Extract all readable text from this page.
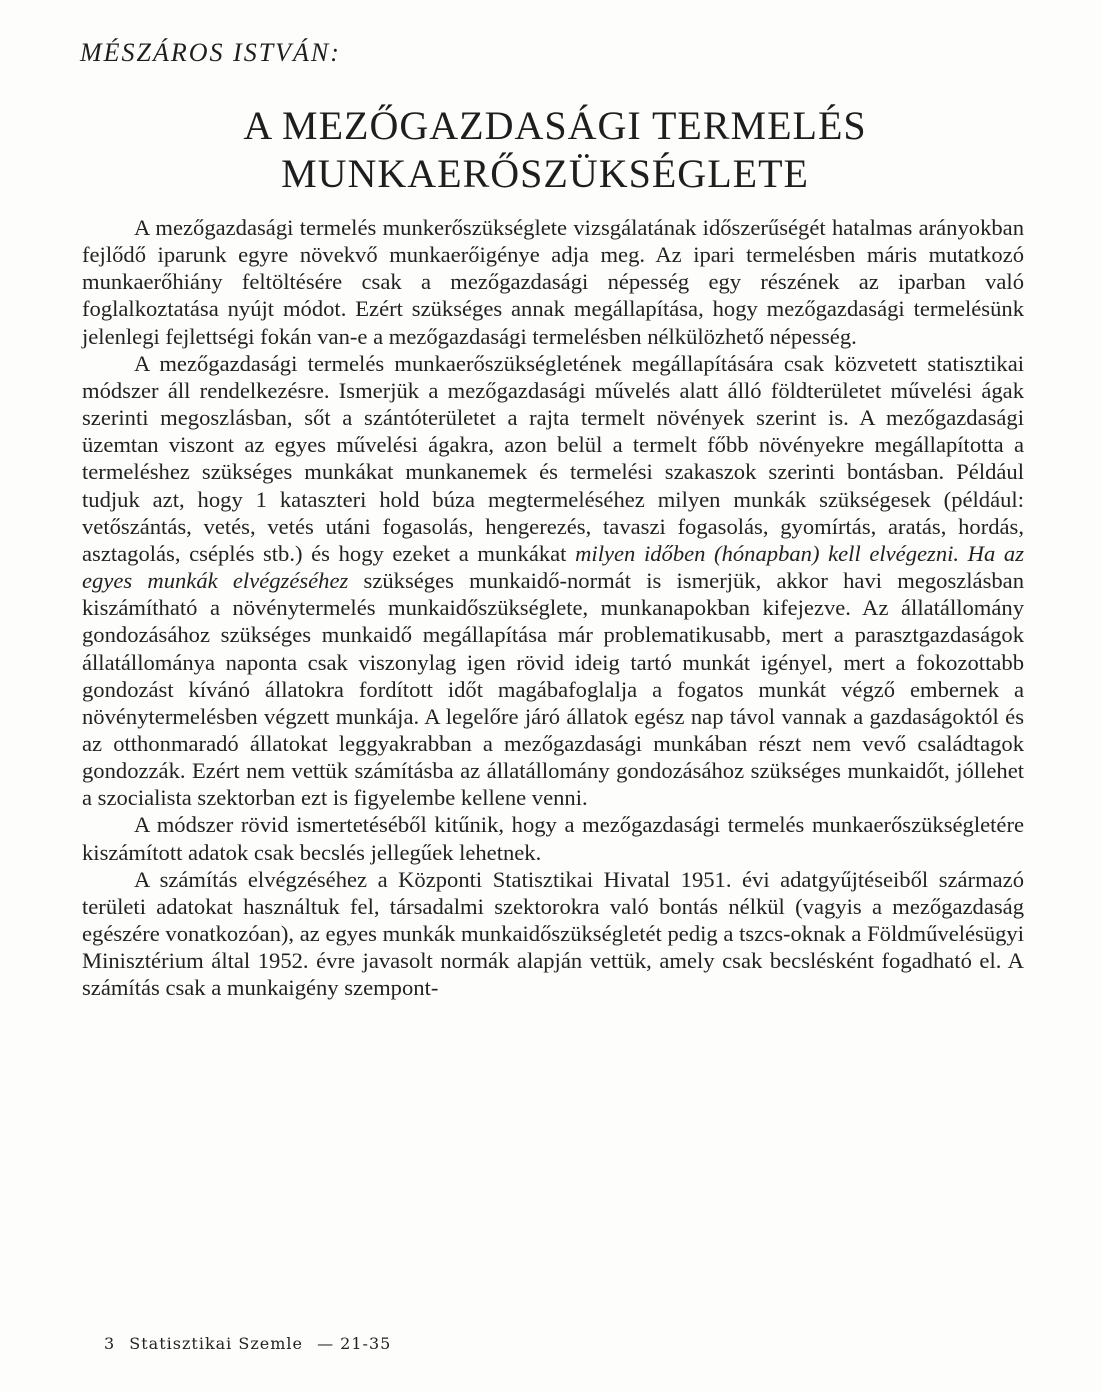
MÉSZÁROS ISTVÁN:
A MEZŐGAZDASÁGI TERMELÉS
MUNKAERŐSZÜKSÉGLETE

A mezőgazdasági termelés munkerőszükséglete vizsgálatának időszerűségét hatalmas arányokban fejlődő iparunk egyre növekvő munkaerőigénye adja meg. Az ipari termelésben máris mutatkozó munkaerőhiány feltöltésére csak a mezőgazdasági népesség egy részének az iparban való foglalkoztatása nyújt módot. Ezért szükséges annak megállapítása, hogy mezőgazdasági termelésünk jelenlegi fejlettségi fokán van-e a mezőgazdasági termelésben nélkülözhető népesség.

A mezőgazdasági termelés munkaerőszükségletének megállapítására csak közvetett statisztikai módszer áll rendelkezésre. Ismerjük a mezőgazdasági művelés alatt álló földterületet művelési ágak szerinti megoszlásban, sőt a szántóterületet a rajta termelt növények szerint is. A mezőgazdasági üzemtan viszont az egyes művelési ágakra, azon belül a termelt főbb növényekre megállapította a termeléshez szükséges munkákat munkanemek és termelési szakaszok szerinti bontásban. Például tudjuk azt, hogy 1 kataszteri hold búza megtermeléséhez milyen munkák szükségesek (például: vetőszántás, vetés, vetés utáni fogasolás, hengerezés, tavaszi fogasolás, gyomírtás, aratás, hordás, asztagolás, cséplés stb.) és hogy ezeket a munkákat milyen időben (hónapban) kell elvégezni. Ha az egyes munkák elvégzéséhez szükséges munkaidő-normát is ismerjük, akkor havi megoszlásban kiszámítható a növénytermelés munkaidőszükséglete, munkanapokban kifejezve. Az állatállomány gondozásához szükséges munkaidő megállapítása már problematikusabb, mert a parasztgazdaságok állatállománya naponta csak viszonylag igen rövid ideig tartó munkát igényel, mert a fokozottabb gondozást kívánó állatokra fordított időt magábafoglalja a fogatos munkát végző embernek a növénytermelésben végzett munkája. A legelőre járó állatok egész nap távol vannak a gazdaságoktól és az otthonmaradó állatokat leggyakrabban a mezőgazdasági munkában részt nem vevő családtagok gondozzák. Ezért nem vettük számításba az állatállomány gondozásához szükséges munkaidőt, jóllehet a szocialista szektorban ezt is figyelembe kellene venni.

A módszer rövid ismertetéséből kitűnik, hogy a mezőgazdasági termelés munkaerőszükségletére kiszámított adatok csak becslés jellegűek lehetnek.

A számítás elvégzéséhez a Központi Statisztikai Hivatal 1951. évi adatgyűjtéseiből származó területi adatokat használtuk fel, társadalmi szektorokra való bontás nélkül (vagyis a mezőgazdaság egészére vonatkozóan), az egyes munkák munkaidőszükségletét pedig a tszcs-oknak a Földművelésügyi Minisztérium által 1952. évre javasolt normák alapján vettük, amely csak becslésként fogadható el. A számítás csak a munkaigény szempont-

3 Statisztikai Szemle — 21-35
